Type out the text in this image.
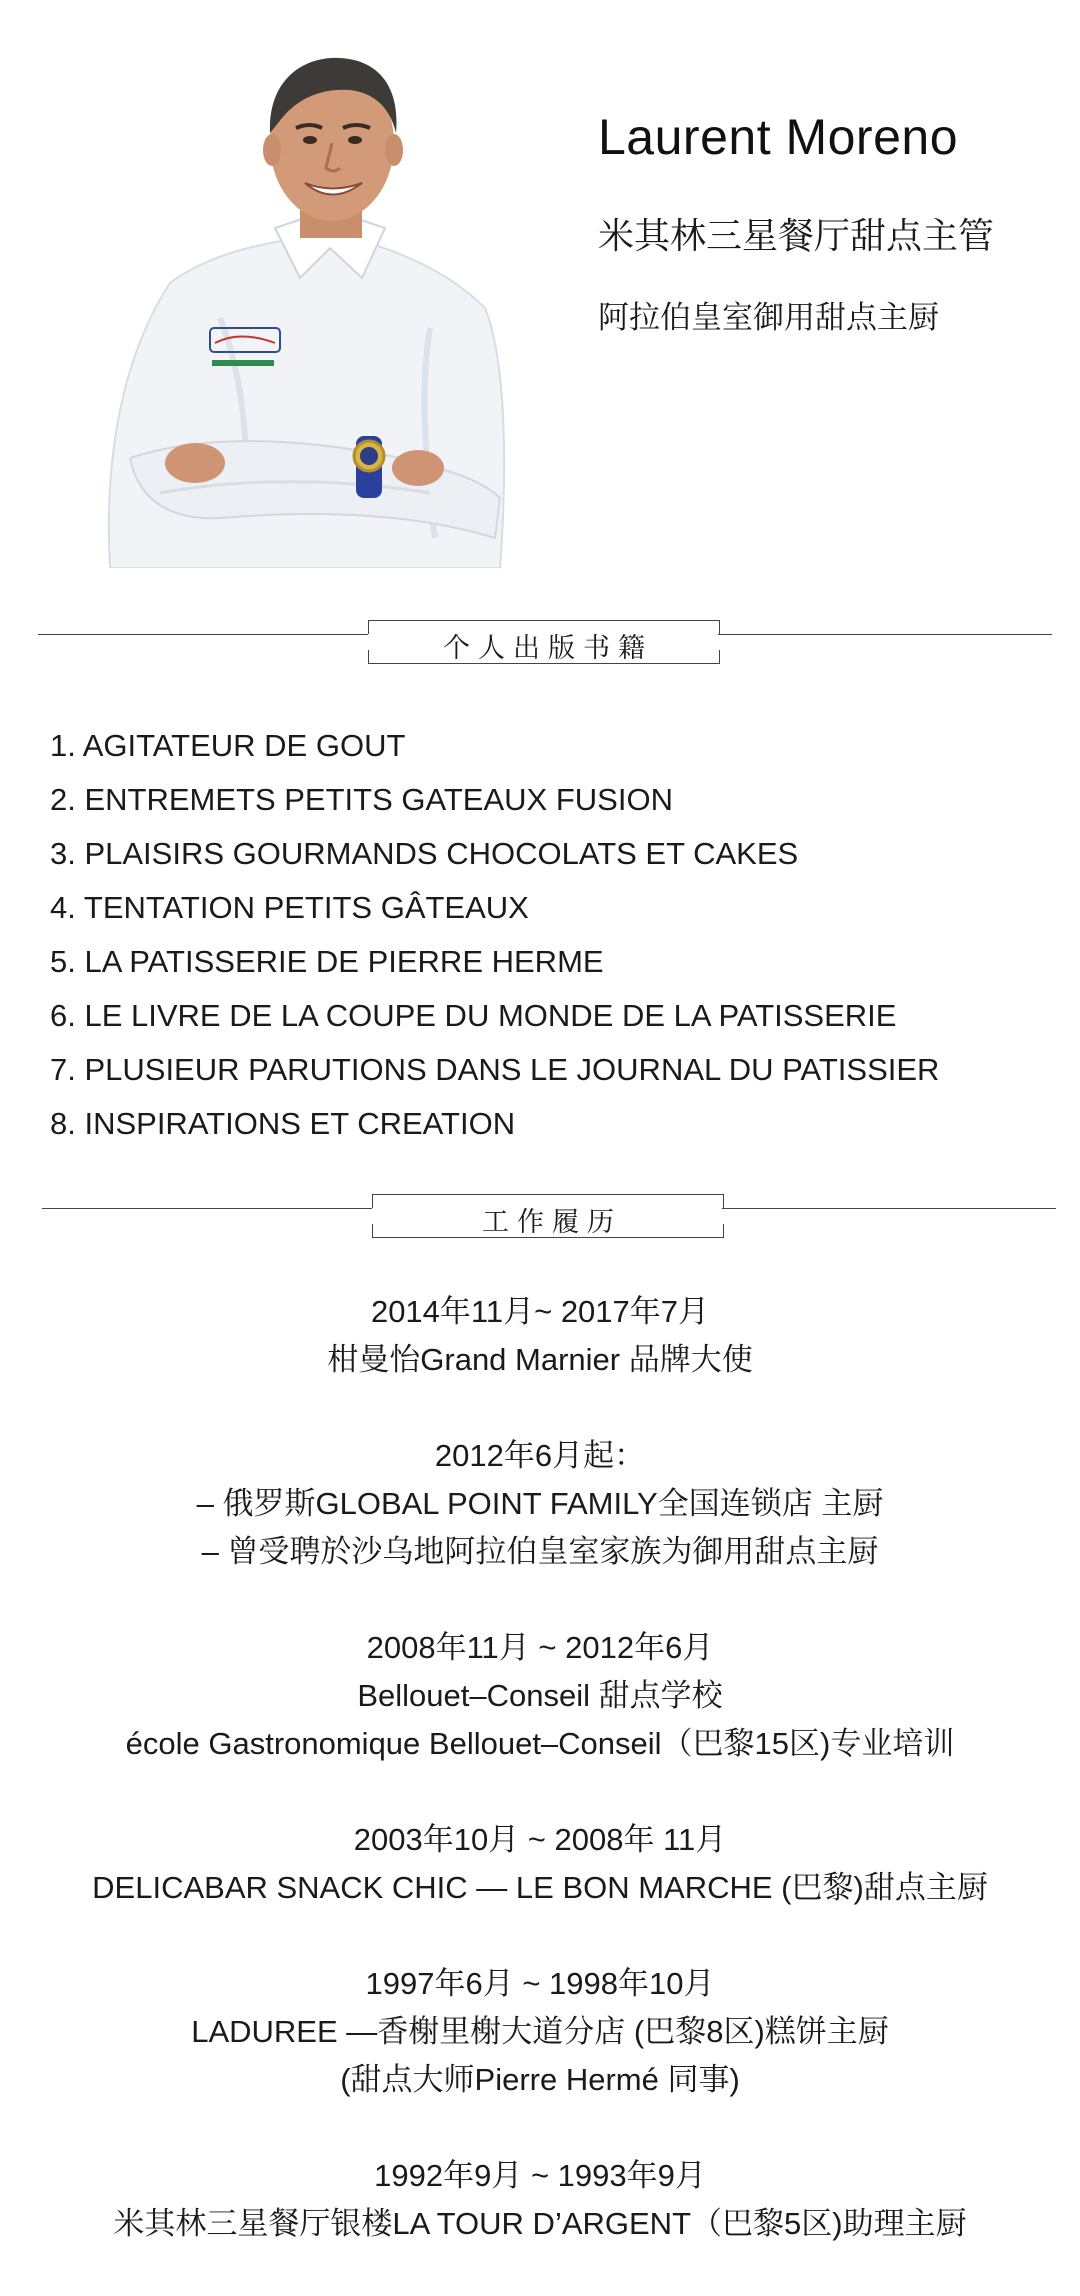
Laurent Moreno
米其林三星餐厅甜点主管
阿拉伯皇室御用甜点主厨
个人出版书籍
1. AGITATEUR DE GOUT
2. ENTREMETS PETITS GATEAUX FUSION
3. PLAISIRS GOURMANDS CHOCOLATS ET CAKES
4. TENTATION PETITS GÂTEAUX
5. LA PATISSERIE DE PIERRE HERME
6. LE LIVRE DE LA COUPE DU MONDE DE LA PATISSERIE
7. PLUSIEUR PARUTIONS DANS LE JOURNAL DU PATISSIER
8. INSPIRATIONS ET CREATION
工作履历
2014年11月~ 2017年7月
柑曼怡Grand Marnier 品牌大使
2012年6月起：
– 俄罗斯GLOBAL POINT FAMILY全国连锁店 主厨
– 曾受聘於沙乌地阿拉伯皇室家族为御用甜点主厨
2008年11月 ~ 2012年6月
Bellouet–Conseil 甜点学校
école Gastronomique Bellouet–Conseil（巴黎15区)专业培训
2003年10月 ~ 2008年 11月
DELICABAR SNACK CHIC — LE BON MARCHE (巴黎)甜点主厨
1997年6月 ~ 1998年10月
LADUREE —香榭里榭大道分店 (巴黎8区)糕饼主厨
(甜点大师Pierre Hermé 同事)
1992年9月 ~ 1993年9月
米其林三星餐厅银楼LA TOUR D’ARGENT（巴黎5区)助理主厨
